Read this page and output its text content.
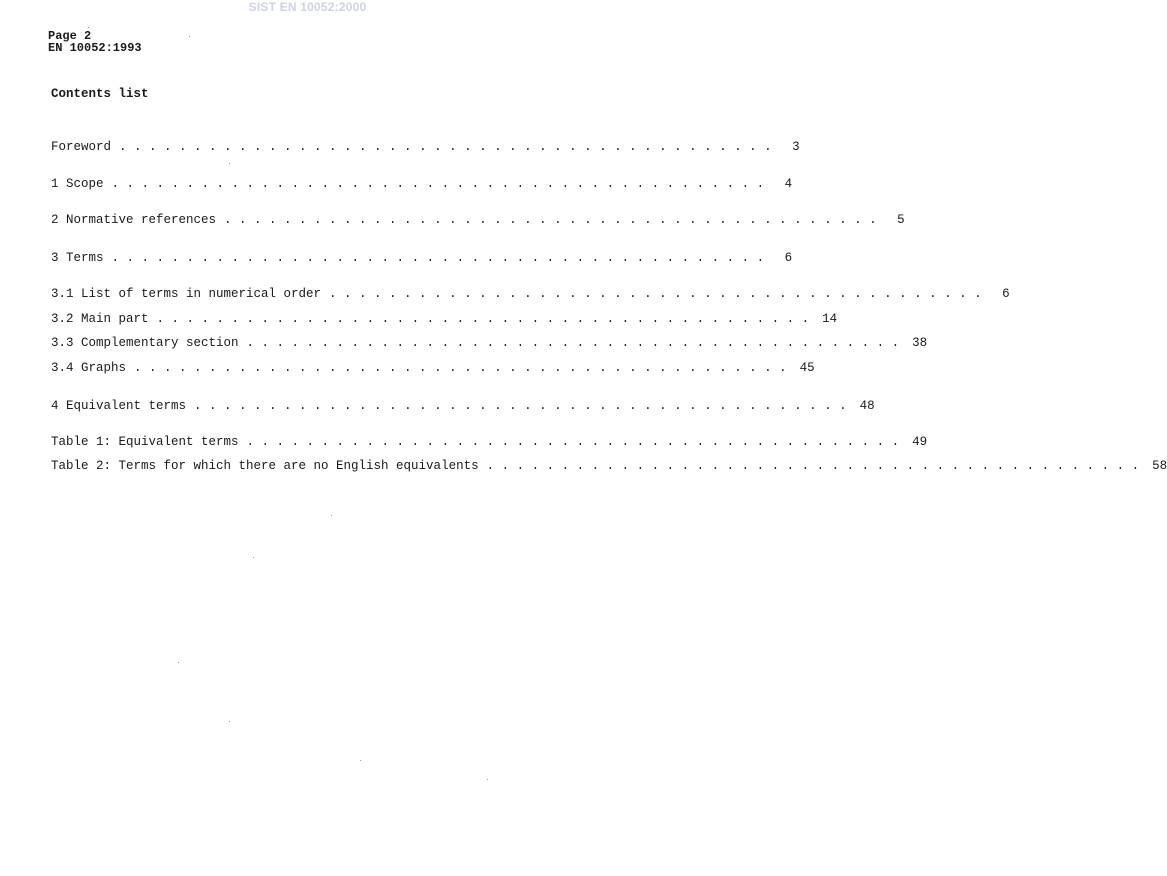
SIST EN 10052:2000
Page 2
EN 10052:1993
Contents list
Foreword . . . . . . . . . . . . . . . . . . . . . . . . . . . . . . . . . . . . . . . . . . . .	3
1 Scope . . . . . . . . . . . . . . . . . . . . . . . . . . . . . . . . . . . . . . . . . . . .	4
2 Normative references . . . . . . . . . . . . . . . . . . . . . . . . . . . . . . . . . . . . . . . . . . . .	5
3 Terms . . . . . . . . . . . . . . . . . . . . . . . . . . . . . . . . . . . . . . . . . . . .	6
3.1 List of terms in numerical order . . . . . . . . . . . . . . . . . . . . . . . . . . . . . . . . . . . . . . . . . . . .	6
3.2 Main part . . . . . . . . . . . . . . . . . . . . . . . . . . . . . . . . . . . . . . . . . . . .	14
3.3 Complementary section . . . . . . . . . . . . . . . . . . . . . . . . . . . . . . . . . . . . . . . . . . . .	38
3.4 Graphs . . . . . . . . . . . . . . . . . . . . . . . . . . . . . . . . . . . . . . . . . . . .	45
4 Equivalent terms . . . . . . . . . . . . . . . . . . . . . . . . . . . . . . . . . . . . . . . . . . . .	48
Table 1: Equivalent terms . . . . . . . . . . . . . . . . . . . . . . . . . . . . . . . . . . . . . . . . . . . .	49
Table 2: Terms for which there are no English equivalents . . . . . . . . . . . . . . . . . . . . . . . . . . . . . . . . . . . . . . . . . . . .	58
